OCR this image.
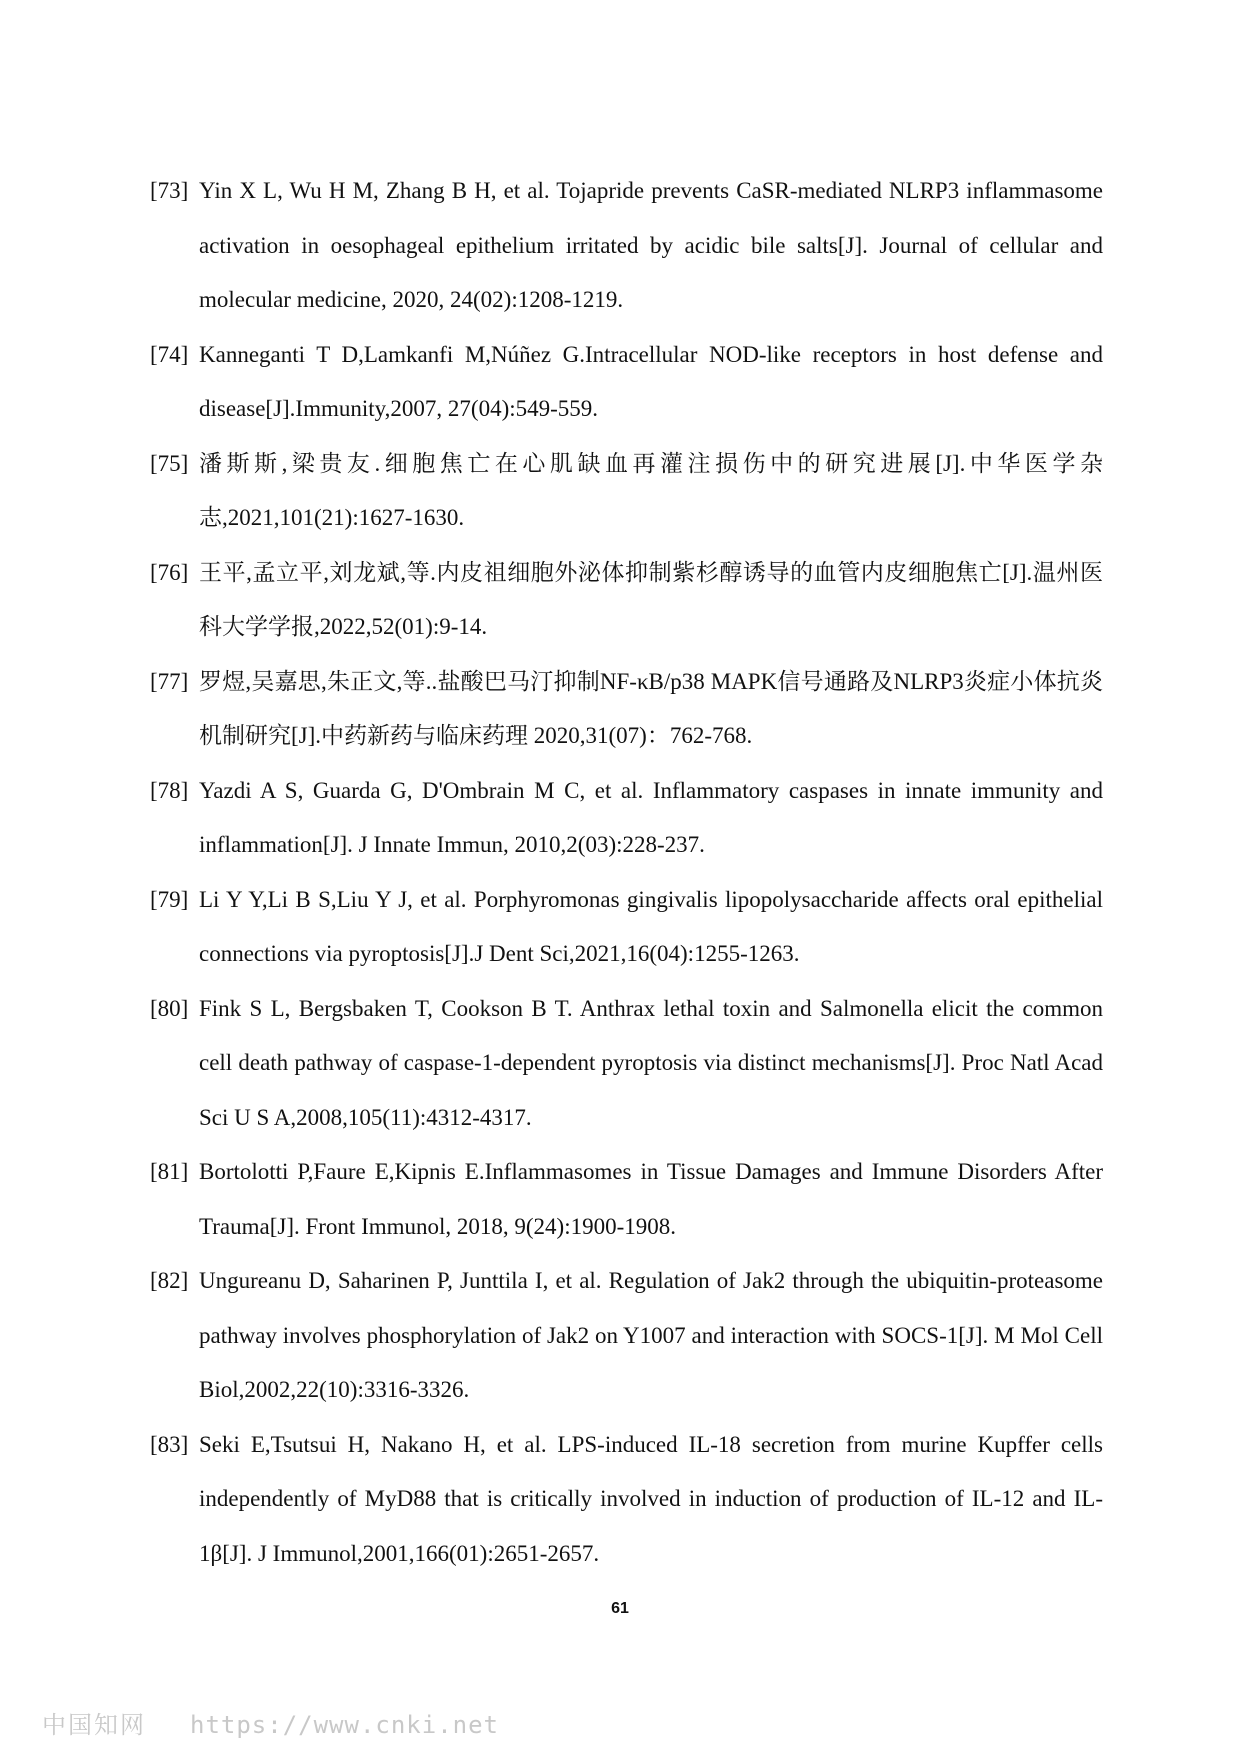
[73] Yin X L, Wu H M, Zhang B H, et al. Tojapride prevents CaSR-mediated NLRP3 inflammasome activation in oesophageal epithelium irritated by acidic bile salts[J]. Journal of cellular and molecular medicine, 2020, 24(02):1208-1219.
[74] Kanneganti T D,Lamkanfi M,Núñez G.Intracellular NOD-like receptors in host defense and disease[J].Immunity,2007, 27(04):549-559.
[75] 潘斯斯,梁贵友.细胞焦亡在心肌缺血再灌注损伤中的研究进展[J].中华医学杂志,2021,101(21):1627-1630.
[76] 王平,孟立平,刘龙斌,等.内皮祖细胞外泌体抑制紫杉醇诱导的血管内皮细胞焦亡[J].温州医科大学学报,2022,52(01):9-14.
[77] 罗煜,吴嘉思,朱正文,等..盐酸巴马汀抑制NF-κB/p38 MAPK信号通路及NLRP3炎症小体抗炎机制研究[J].中药新药与临床药理 2020,31(07)：762-768.
[78] Yazdi A S, Guarda G, D'Ombrain M C, et al. Inflammatory caspases in innate immunity and inflammation[J]. J Innate Immun, 2010,2(03):228-237.
[79] Li Y Y,Li B S,Liu Y J, et al. Porphyromonas gingivalis lipopolysaccharide affects oral epithelial connections via pyroptosis[J].J Dent Sci,2021,16(04):1255-1263.
[80] Fink S L, Bergsbaken T, Cookson B T. Anthrax lethal toxin and Salmonella elicit the common cell death pathway of caspase-1-dependent pyroptosis via distinct mechanisms[J]. Proc Natl Acad Sci U S A,2008,105(11):4312-4317.
[81] Bortolotti P,Faure E,Kipnis E.Inflammasomes in Tissue Damages and Immune Disorders After Trauma[J]. Front Immunol, 2018, 9(24):1900-1908.
[82] Ungureanu D, Saharinen P, Junttila I, et al. Regulation of Jak2 through the ubiquitin-proteasome pathway involves phosphorylation of Jak2 on Y1007 and interaction with SOCS-1[J]. M Mol Cell Biol,2002,22(10):3316-3326.
[83] Seki E,Tsutsui H, Nakano H, et al. LPS-induced IL-18 secretion from murine Kupffer cells independently of MyD88 that is critically involved in induction of production of IL-12 and IL-1β[J]. J Immunol,2001,166(01):2651-2657.
61
中国知网 https://www.cnki.net
